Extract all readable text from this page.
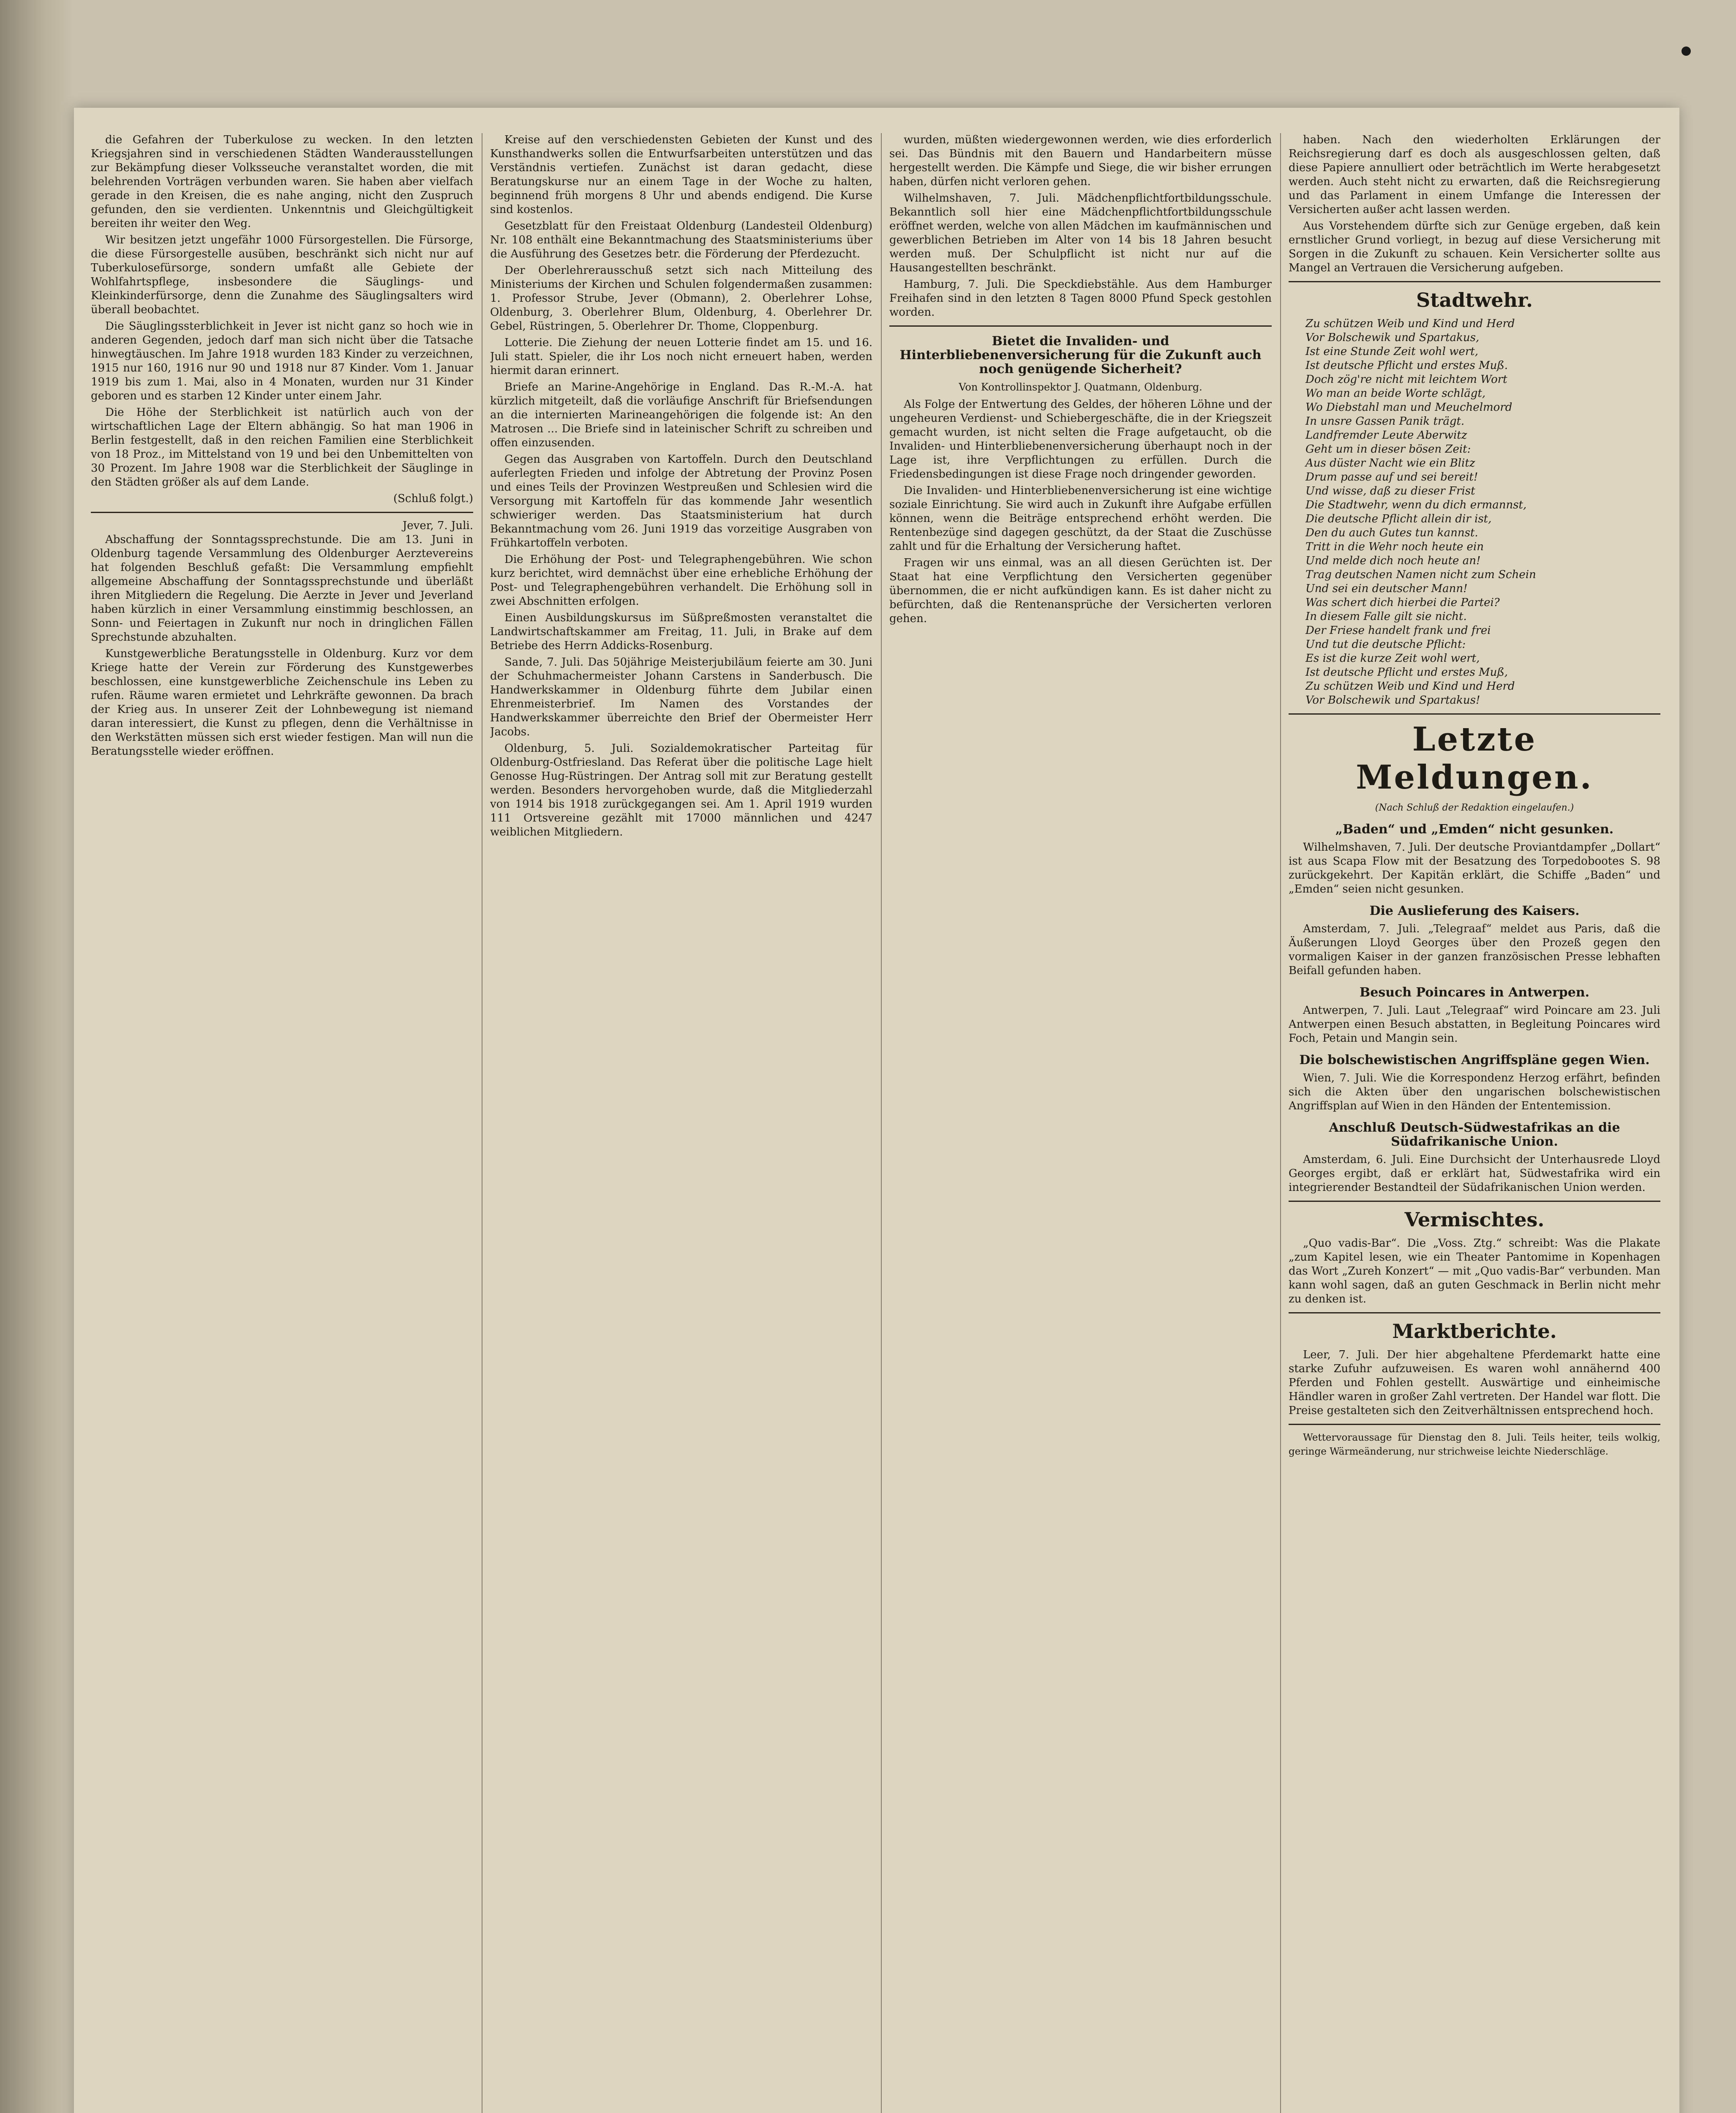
die Gefahren der Tuberkulose zu wecken. In den letzten Kriegsjahren sind in verschiedenen Städten Wanderausstellungen zur Bekämpfung dieser Volksseuche veranstaltet worden, die mit belehrenden Vorträgen verbunden waren. Sie haben aber vielfach gerade in den Kreisen, die es nahe anging, nicht den Zuspruch gefunden, den sie verdienten. Unkenntnis und Gleichgültigkeit bereiten ihr weiter den Weg.

Wir besitzen jetzt ungefähr 1000 Fürsorgestellen. Die Fürsorge, die diese Fürsorgestelle ausüben, beschränkt sich nicht nur auf Tuberkulosefürsorge, sondern umfaßt alle Gebiete der Wohlfahrtspflege, insbesondere die Säuglings- und Kleinkinderfürsorge, denn die Zunahme des Säuglingsalters wird überall beobachtet.

Die Säuglingssterblichkeit in Jever ist nicht ganz so hoch wie in anderen Gegenden, jedoch darf man sich nicht über die Tatsache hinwegtäuschen. Im Jahre 1918 wurden 183 Kinder zu verzeichnen, 1915 nur 160, 1916 nur 90 und 1918 nur 87 Kinder. Vom 1. Januar 1919 bis zum 1. Mai, also in 4 Monaten, wurden nur 31 Kinder geboren und es starben 12 Kinder unter einem Jahr.

Die Höhe der Sterblichkeit ist natürlich auch von der wirtschaftlichen Lage der Eltern abhängig. So hat man 1906 in Berlin festgestellt, daß in den reichen Familien eine Sterblichkeit von 18 Proz., im Mittelstand von 19 und bei den Unbemittelten von 30 Prozent. Im Jahre 1908 war die Sterblichkeit der Säuglinge in den Städten größer als auf dem Lande.

(Schluß folgt.)
Jever, 7. Juli.

Abschaffung der Sonntagssprechstunde. Die am 13. Juni in Oldenburg tagende Versammlung des Oldenburger Aerztevereins hat folgenden Beschluß gefaßt: Die Versammlung empfiehlt allgemeine Abschaffung der Sonntagssprechstunde und überläßt ihren Mitgliedern die Regelung. Die Aerzte in Jever und Jeverland haben kürzlich in einer Versammlung einstimmig beschlossen, an Sonn- und Feiertagen in Zukunft nur noch in dringlichen Fällen Sprechstunde abzuhalten.

Kunstgewerbliche Beratungsstelle in Oldenburg. Kurz vor dem Kriege hatte der Verein zur Förderung des Kunstgewerbes beschlossen, eine kunstgewerbliche Zeichenschule ins Leben zu rufen. Räume waren ermietet und Lehrkräfte gewonnen. Da brach der Krieg aus. In unserer Zeit der Lohnbewegung ist niemand daran interessiert, die Kunst zu pflegen, denn die Verhältnisse in den Werkstätten müssen sich erst wieder festigen. Man will nun die Beratungsstelle wieder eröffnen.

Kreise auf den verschiedensten Gebieten der Kunst und des Kunsthandwerks sollen die Entwurfsarbeiten unterstützen und das Verständnis vertiefen. Zunächst ist daran gedacht, diese Beratungskurse nur an einem Tage in der Woche zu halten, beginnend früh morgens 8 Uhr und abends endigend. Die Kurse sind kostenlos.

Gesetzblatt für den Freistaat Oldenburg (Landesteil Oldenburg) Nr. 108 enthält eine Bekanntmachung des Staatsministeriums über die Ausführung des Gesetzes betr. die Förderung der Pferdezucht.

Der Oberlehrerausschuß setzt sich nach Mitteilung des Ministeriums der Kirchen und Schulen folgendermaßen zusammen: 1. Professor Strube, Jever (Obmann), 2. Oberlehrer Lohse, Oldenburg, 3. Oberlehrer Blum, Oldenburg, 4. Oberlehrer Dr. Gebel, Rüstringen, 5. Oberlehrer Dr. Thome, Cloppenburg.

Lotterie. Die Ziehung der neuen Lotterie findet am 15. und 16. Juli statt. Spieler, die ihr Los noch nicht erneuert haben, werden hiermit daran erinnert.

Briefe an Marine-Angehörige in England. Das R.-M.-A. hat kürzlich mitgeteilt, daß die vorläufige Anschrift für Briefsendungen an die internierten Marineangehörigen die folgende ist: An den Matrosen ... Die Briefe sind in lateinischer Schrift zu schreiben und offen einzusenden.

Gegen das Ausgraben von Kartoffeln. Durch den Deutschland auferlegten Frieden und infolge der Abtretung der Provinz Posen und eines Teils der Provinzen Westpreußen und Schlesien wird die Versorgung mit Kartoffeln für das kommende Jahr wesentlich schwieriger werden. Das Staatsministerium hat durch Bekanntmachung vom 26. Juni 1919 das vorzeitige Ausgraben von Frühkartoffeln verboten.

Die Erhöhung der Post- und Telegraphengebühren. Wie schon kurz berichtet, wird demnächst über eine erhebliche Erhöhung der Post- und Telegraphengebühren verhandelt. Die Erhöhung soll in zwei Abschnitten erfolgen.

Einen Ausbildungskursus im Süßpreßmosten veranstaltet die Landwirtschaftskammer am Freitag, 11. Juli, in Brake auf dem Betriebe des Herrn Addicks-Rosenburg.

Sande, 7. Juli. Das 50jährige Meisterjubiläum feierte am 30. Juni der Schuhmachermeister Johann Carstens in Sanderbusch. Die Handwerkskammer in Oldenburg führte dem Jubilar einen Ehrenmeisterbrief. Im Namen des Vorstandes der Handwerkskammer überreichte den Brief der Obermeister Herr Jacobs.

Oldenburg, 5. Juli. Sozialdemokratischer Parteitag für Oldenburg-Ostfriesland. Das Referat über die politische Lage hielt Genosse Hug-Rüstringen. Der Antrag soll mit zur Beratung gestellt werden. Besonders hervorgehoben wurde, daß die Mitgliederzahl von 1914 bis 1918 zurückgegangen sei. Am 1. April 1919 wurden 111 Ortsvereine gezählt mit 17000 männlichen und 4247 weiblichen Mitgliedern.

wurden, müßten wiedergewonnen werden, wie dies erforderlich sei. Das Bündnis mit den Bauern und Handarbeitern müsse hergestellt werden. Die Kämpfe und Siege, die wir bisher errungen haben, dürfen nicht verloren gehen.

Wilhelmshaven, 7. Juli. Mädchenpflichtfortbildungsschule. Bekanntlich soll hier eine Mädchenpflichtfortbildungsschule eröffnet werden, welche von allen Mädchen im kaufmännischen und gewerblichen Betrieben im Alter von 14 bis 18 Jahren besucht werden muß. Der Schulpflicht ist nicht nur auf die Hausangestellten beschränkt.

Hamburg, 7. Juli. Die Speckdiebstähle. Aus dem Hamburger Freihafen sind in den letzten 8 Tagen 8000 Pfund Speck gestohlen worden.

Bietet die Invaliden- und Hinterbliebenenversicherung für die Zukunft auch noch genügende Sicherheit?
Von Kontrollinspektor J. Quatmann, Oldenburg.

Als Folge der Entwertung des Geldes, der höheren Löhne und der ungeheuren Verdienst- und Schiebergeschäfte, die in der Kriegszeit gemacht wurden, ist nicht selten die Frage aufgetaucht, ob die Invaliden- und Hinterbliebenenversicherung überhaupt noch in der Lage ist, ihre Verpflichtungen zu erfüllen. Durch die Friedensbedingungen ist diese Frage noch dringender geworden.

Die Invaliden- und Hinterbliebenenversicherung ist eine wichtige soziale Einrichtung. Sie wird auch in Zukunft ihre Aufgabe erfüllen können, wenn die Beiträge entsprechend erhöht werden. Die Rentenbezüge sind dagegen geschützt, da der Staat die Zuschüsse zahlt und für die Erhaltung der Versicherung haftet.

Fragen wir uns einmal, was an all diesen Gerüchten ist. Der Staat hat eine Verpflichtung den Versicherten gegenüber übernommen, die er nicht aufkündigen kann. Es ist daher nicht zu befürchten, daß die Rentenansprüche der Versicherten verloren gehen.

haben. Nach den wiederholten Erklärungen der Reichsregierung darf es doch als ausgeschlossen gelten, daß diese Papiere annulliert oder beträchtlich im Werte herabgesetzt werden. Auch steht nicht zu erwarten, daß die Reichsregierung und das Parlament in einem Umfange die Interessen der Versicherten außer acht lassen werden.

Aus Vorstehendem dürfte sich zur Genüge ergeben, daß kein ernstlicher Grund vorliegt, in bezug auf diese Versicherung mit Sorgen in die Zukunft zu schauen. Kein Versicherter sollte aus Mangel an Vertrauen die Versicherung aufgeben.

Stadtwehr.
Zu schützen Weib und Kind und Herd
Vor Bolschewik und Spartakus,
Ist eine Stunde Zeit wohl wert,
Ist deutsche Pflicht und erstes Muß.
Doch zög're nicht mit leichtem Wort
Wo man an beide Worte schlägt,
Wo Diebstahl man und Meuchelmord
In unsre Gassen Panik trägt.
Landfremder Leute Aberwitz
Geht um in dieser bösen Zeit:
Aus düster Nacht wie ein Blitz
Drum passe auf und sei bereit!
Und wisse, daß zu dieser Frist
Die Stadtwehr, wenn du dich ermannst,
Die deutsche Pflicht allein dir ist,
Den du auch Gutes tun kannst.
Tritt in die Wehr noch heute ein
Und melde dich noch heute an!
Trag deutschen Namen nicht zum Schein
Und sei ein deutscher Mann!
Was schert dich hierbei die Partei?
In diesem Falle gilt sie nicht.
Der Friese handelt frank und frei
Und tut die deutsche Pflicht:
Es ist die kurze Zeit wohl wert,
Ist deutsche Pflicht und erstes Muß,
Zu schützen Weib und Kind und Herd
Vor Bolschewik und Spartakus!
Letzte Meldungen.
(Nach Schluß der Redaktion eingelaufen.)
„Baden“ und „Emden“ nicht gesunken.

Wilhelmshaven, 7. Juli. Der deutsche Proviantdampfer „Dollart“ ist aus Scapa Flow mit der Besatzung des Torpedobootes S. 98 zurückgekehrt. Der Kapitän erklärt, die Schiffe „Baden“ und „Emden“ seien nicht gesunken.

Die Auslieferung des Kaisers.

Amsterdam, 7. Juli. „Telegraaf“ meldet aus Paris, daß die Äußerungen Lloyd Georges über den Prozeß gegen den vormaligen Kaiser in der ganzen französischen Presse lebhaften Beifall gefunden haben.

Besuch Poincares in Antwerpen.

Antwerpen, 7. Juli. Laut „Telegraaf“ wird Poincare am 23. Juli Antwerpen einen Besuch abstatten, in Begleitung Poincares wird Foch, Petain und Mangin sein.

Die bolschewistischen Angriffspläne gegen Wien.

Wien, 7. Juli. Wie die Korrespondenz Herzog erfährt, befinden sich die Akten über den ungarischen bolschewistischen Angriffsplan auf Wien in den Händen der Ententemission.

Anschluß Deutsch-Südwestafrikas an die Südafrikanische Union.

Amsterdam, 6. Juli. Eine Durchsicht der Unterhausrede Lloyd Georges ergibt, daß er erklärt hat, Südwestafrika wird ein integrierender Bestandteil der Südafrikanischen Union werden.

Vermischtes.

„Quo vadis-Bar“. Die „Voss. Ztg.“ schreibt: Was die Plakate „zum Kapitel lesen, wie ein Theater Pantomime in Kopenhagen das Wort „Zureh Konzert“ — mit „Quo vadis-Bar“ verbunden. Man kann wohl sagen, daß an guten Geschmack in Berlin nicht mehr zu denken ist.

Marktberichte.

Leer, 7. Juli. Der hier abgehaltene Pferdemarkt hatte eine starke Zufuhr aufzuweisen. Es waren wohl annähernd 400 Pferden und Fohlen gestellt. Auswärtige und einheimische Händler waren in großer Zahl vertreten. Der Handel war flott. Die Preise gestalteten sich den Zeitverhältnissen entsprechend hoch.

Wettervoraussage für Dienstag den 8. Juli. Teils heiter, teils wolkig, geringe Wärmeänderung, nur strichweise leichte Niederschläge.
